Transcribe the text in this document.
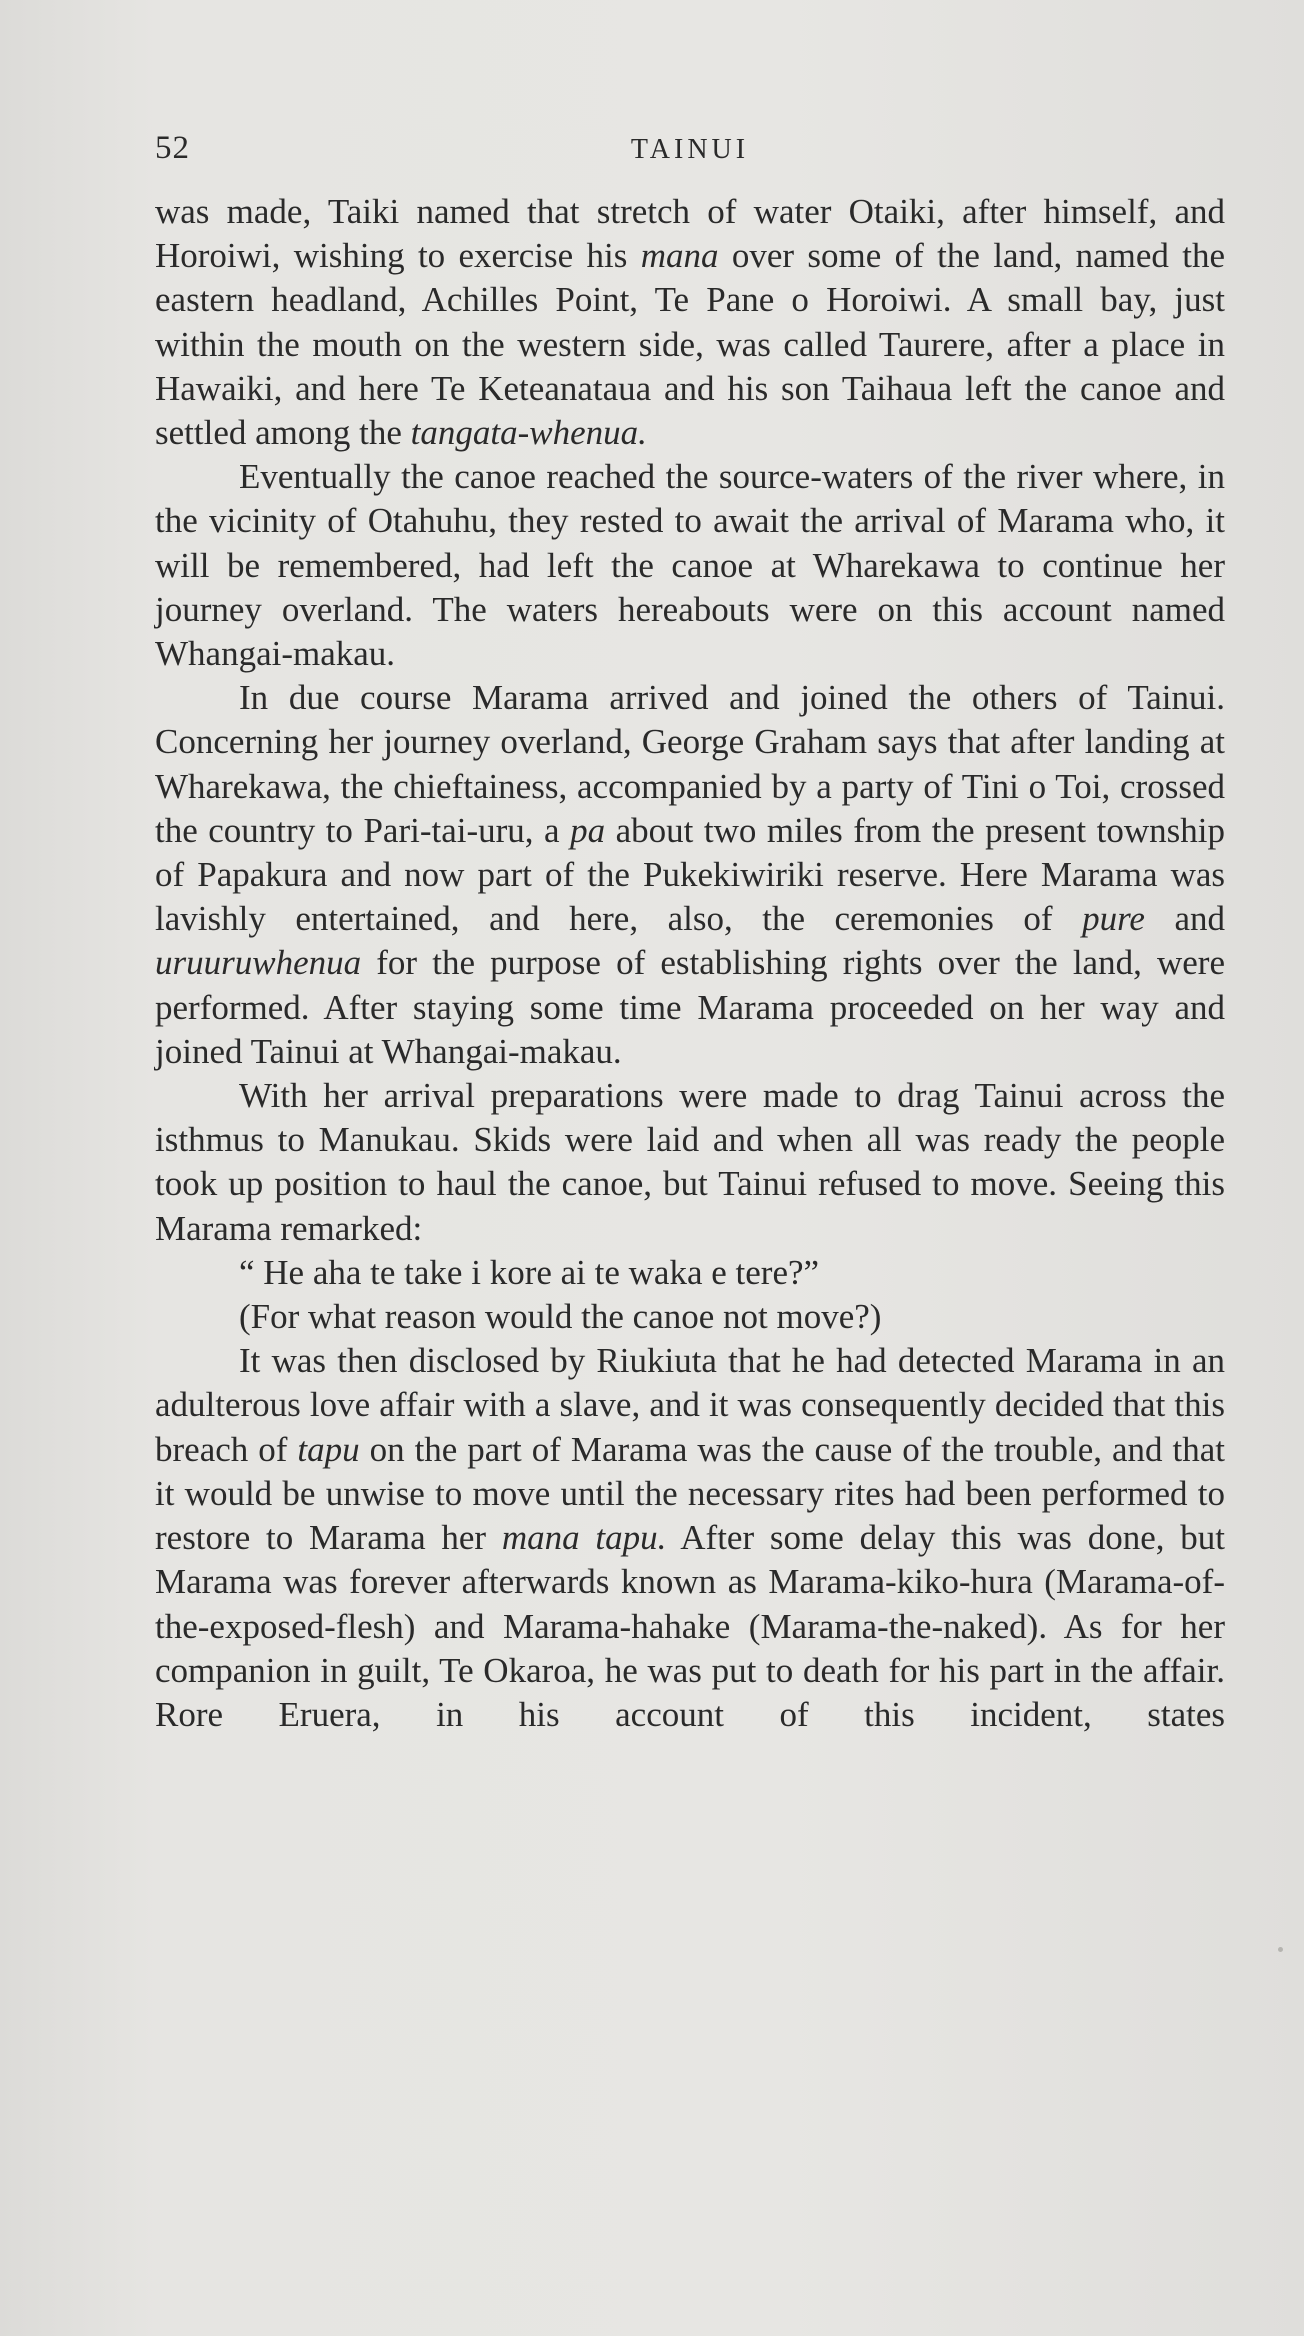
52	TAINUI

was made, Taiki named that stretch of water Otaiki, after himself, and Horoiwi, wishing to exercise his mana over some of the land, named the eastern headland, Achilles Point, Te Pane o Horoiwi. A small bay, just within the mouth on the western side, was called Taurere, after a place in Hawaiki, and here Te Keteanataua and his son Taihaua left the canoe and settled among the tangata-whenua.

Eventually the canoe reached the source-waters of the river where, in the vicinity of Otahuhu, they rested to await the arrival of Marama who, it will be remembered, had left the canoe at Wharekawa to continue her journey overland. The waters hereabouts were on this account named Whangai-makau.

In due course Marama arrived and joined the others of Tainui. Concerning her journey overland, George Graham says that after landing at Wharekawa, the chieftainess, accompanied by a party of Tini o Toi, crossed the country to Pari-tai-uru, a pa about two miles from the present township of Papakura and now part of the Pukekiwiriki reserve. Here Marama was lavishly entertained, and here, also, the ceremonies of pure and uruuruwhenua for the purpose of establishing rights over the land, were performed. After staying some time Marama proceeded on her way and joined Tainui at Whangai-makau.

With her arrival preparations were made to drag Tainui across the isthmus to Manukau. Skids were laid and when all was ready the people took up position to haul the canoe, but Tainui refused to move. Seeing this Marama remarked:

“ He aha te take i kore ai te waka e tere?”

(For what reason would the canoe not move?)

It was then disclosed by Riukiuta that he had detected Marama in an adulterous love affair with a slave, and it was consequently decided that this breach of tapu on the part of Marama was the cause of the trouble, and that it would be unwise to move until the necessary rites had been performed to restore to Marama her mana tapu. After some delay this was done, but Marama was forever afterwards known as Marama-kiko-hura (Marama-of-the-exposed-flesh) and Marama-hahake (Marama-the-naked). As for her companion in guilt, Te Okaroa, he was put to death for his part in the affair. Rore Eruera, in his account of this incident, states
